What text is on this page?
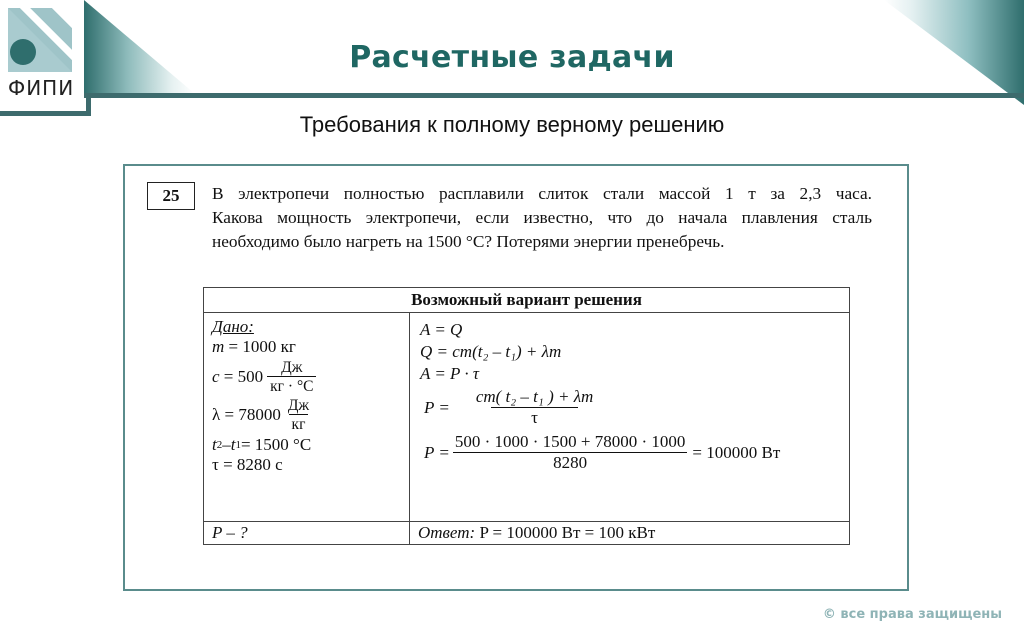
ФИПИ
Расчетные задачи
Требования к полному верному решению
25	В электропечи полностью расплавили слиток стали массой 1 т за 2,3 часа.
Какова мощность электропечи, если известно, что до начала плавления сталь
необходимо было нагреть на 1500 °С? Потерями энергии пренебречь.
Возможный вариант решения	

Дано:
m
= 1000 кг
c
= $500 \frac{Дж}{кг \cdot ^\circ С}$
λ
= $78000 \frac{Дж}{кг}$
t 2 – t 1 = 1500 °С
τ = 8280 с

A = Q
Q = cm(t₂ – t₁) + λm
A = P · τ
$P = \frac{\text{cm( t₂ – t₁ ) + λm}}{\tau}$
$P = \frac{500 \cdot 1000 \cdot 1500 + 78000 \cdot 1000}{8280} = 100000$ Вт

P – ?	Ответ: P = 100000 Вт = 100 кВт
© все права защищены
